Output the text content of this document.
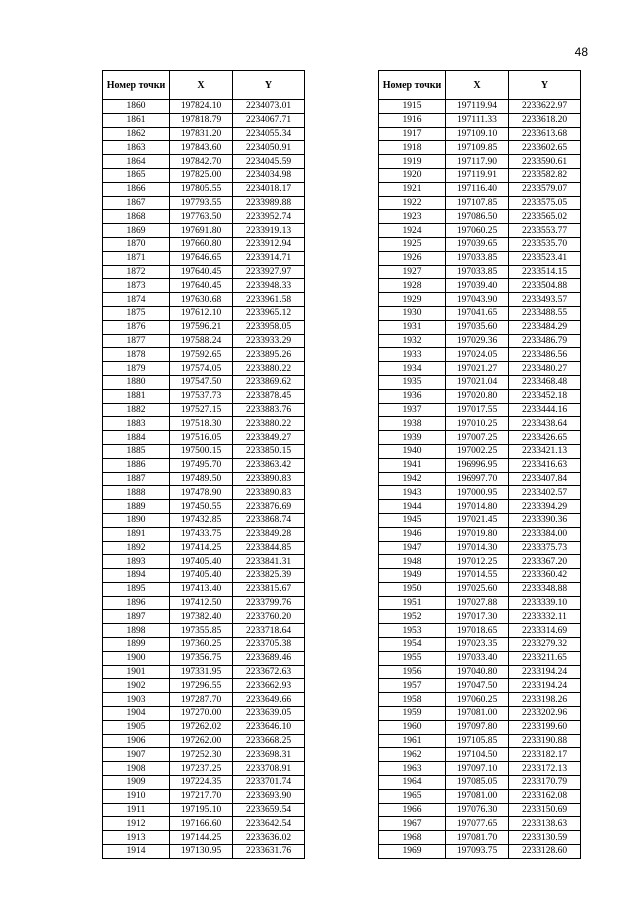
48
Номер точки	X	Y
1860	197824.10	2234073.01
1861	197818.79	2234067.71
1862	197831.20	2234055.34
1863	197843.60	2234050.91
1864	197842.70	2234045.59
1865	197825.00	2234034.98
1866	197805.55	2234018.17
1867	197793.55	2233989.88
1868	197763.50	2233952.74
1869	197691.80	2233919.13
1870	197660.80	2233912.94
1871	197646.65	2233914.71
1872	197640.45	2233927.97
1873	197640.45	2233948.33
1874	197630.68	2233961.58
1875	197612.10	2233965.12
1876	197596.21	2233958.05
1877	197588.24	2233933.29
1878	197592.65	2233895.26
1879	197574.05	2233880.22
1880	197547.50	2233869.62
1881	197537.73	2233878.45
1882	197527.15	2233883.76
1883	197518.30	2233880.22
1884	197516.05	2233849.27
1885	197500.15	2233850.15
1886	197495.70	2233863.42
1887	197489.50	2233890.83
1888	197478.90	2233890.83
1889	197450.55	2233876.69
1890	197432.85	2233868.74
1891	197433.75	2233849.28
1892	197414.25	2233844.85
1893	197405.40	2233841.31
1894	197405.40	2233825.39
1895	197413.40	2233815.67
1896	197412.50	2233799.76
1897	197382.40	2233760.20
1898	197355.85	2233718.64
1899	197360.25	2233705.38
1900	197356.75	2233689.46
1901	197331.95	2233672.63
1902	197296.55	2233662.93
1903	197287.70	2233649.66
1904	197270.00	2233639.05
1905	197262.02	2233646.10
1906	197262.00	2233668.25
1907	197252.30	2233698.31
1908	197237.25	2233708.91
1909	197224.35	2233701.74
1910	197217.70	2233693.90
1911	197195.10	2233659.54
1912	197166.60	2233642.54
1913	197144.25	2233636.02
1914	197130.95	2233631.76
Номер точки	X	Y
1915	197119.94	2233622.97
1916	197111.33	2233618.20
1917	197109.10	2233613.68
1918	197109.85	2233602.65
1919	197117.90	2233590.61
1920	197119.91	2233582.82
1921	197116.40	2233579.07
1922	197107.85	2233575.05
1923	197086.50	2233565.02
1924	197060.25	2233553.77
1925	197039.65	2233535.70
1926	197033.85	2233523.41
1927	197033.85	2233514.15
1928	197039.40	2233504.88
1929	197043.90	2233493.57
1930	197041.65	2233488.55
1931	197035.60	2233484.29
1932	197029.36	2233486.79
1933	197024.05	2233486.56
1934	197021.27	2233480.27
1935	197021.04	2233468.48
1936	197020.80	2233452.18
1937	197017.55	2233444.16
1938	197010.25	2233438.64
1939	197007.25	2233426.65
1940	197002.25	2233421.13
1941	196996.95	2233416.63
1942	196997.70	2233407.84
1943	197000.95	2233402.57
1944	197014.80	2233394.29
1945	197021.45	2233390.36
1946	197019.80	2233384.00
1947	197014.30	2233375.73
1948	197012.25	2233367.20
1949	197014.55	2233360.42
1950	197025.60	2233348.88
1951	197027.88	2233339.10
1952	197017.30	2233332.11
1953	197018.65	2233314.69
1954	197023.35	2233279.32
1955	197033.40	2233211.65
1956	197040.80	2233194.24
1957	197047.50	2233194.24
1958	197060.25	2233198.26
1959	197081.00	2233202.96
1960	197097.80	2233199.60
1961	197105.85	2233190.88
1962	197104.50	2233182.17
1963	197097.10	2233172.13
1964	197085.05	2233170.79
1965	197081.00	2233162.08
1966	197076.30	2233150.69
1967	197077.65	2233138.63
1968	197081.70	2233130.59
1969	197093.75	2233128.60
